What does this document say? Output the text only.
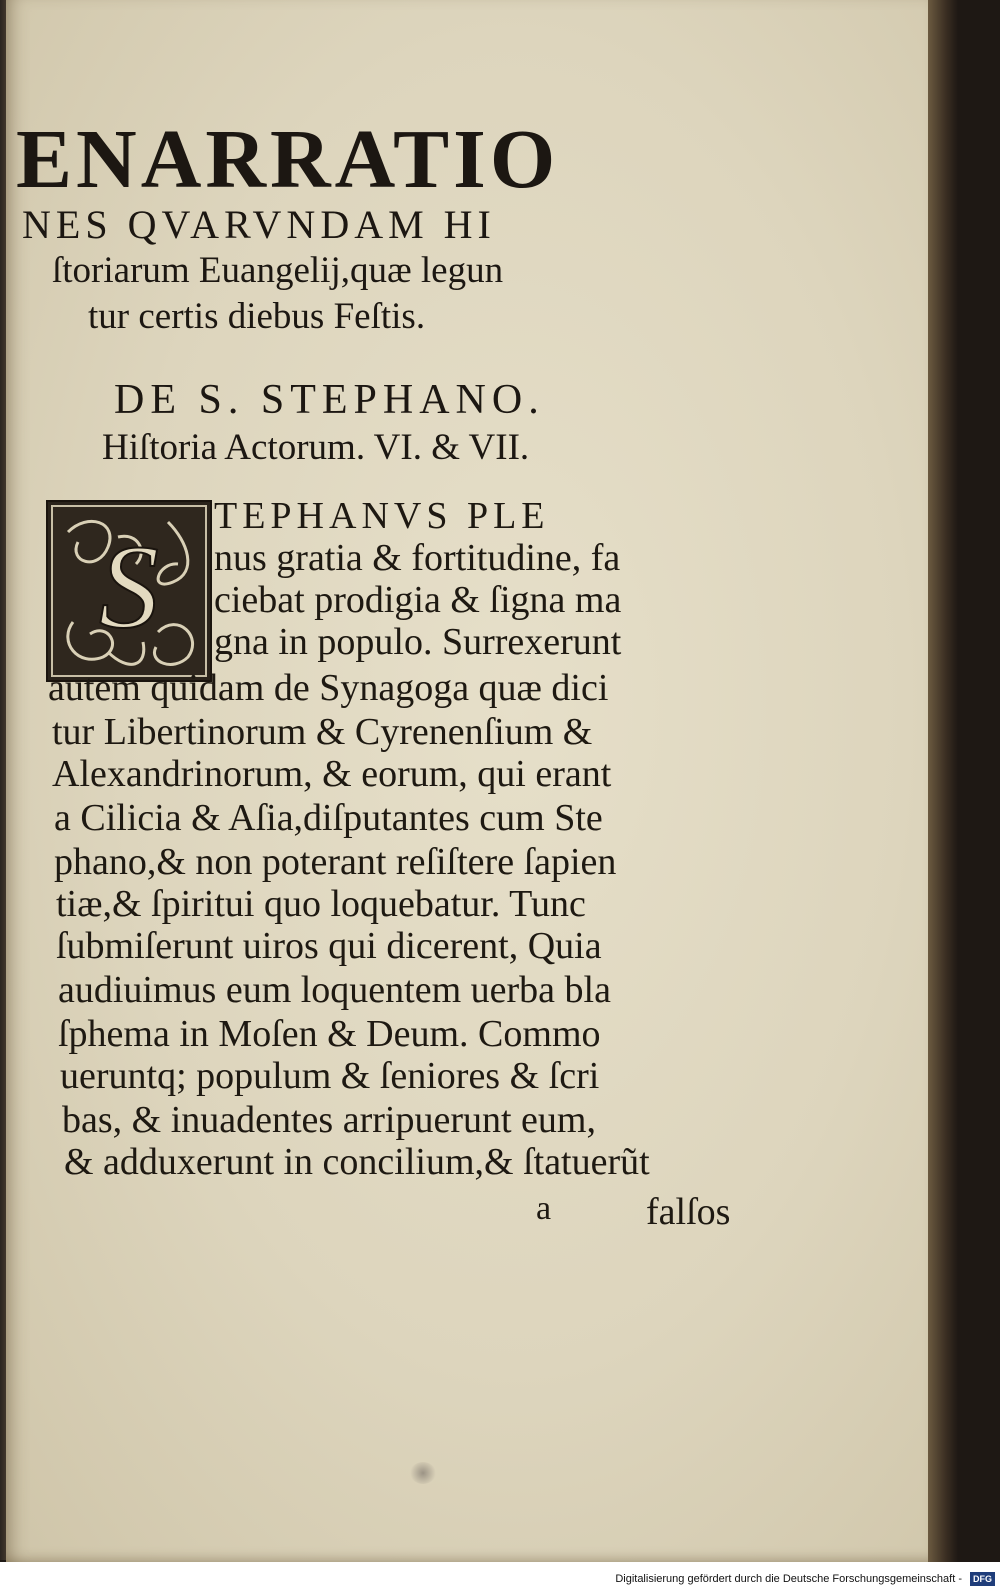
ENARRATIO

NES QVARVNDAM HI

ſtoriarum Euangelij,quæ legun

tur certis diebus Feſtis.

DE S. STEPHANO.

Hiſtoria Actorum. VI. & VII.

S

TEPHANVS PLE

nus gratia & fortitudine, fa

ciebat prodigia & ſigna ma

gna in populo. Surrexerunt

autem quidam de Synagoga quæ dici

tur Libertinorum & Cyrenenſium &

Alexandrinorum, & eorum, qui erant

a Cilicia & Aſia,diſputantes cum Ste

phano,& non poterant reſiſtere ſapien

tiæ,& ſpiritui quo loquebatur. Tunc

ſubmiſerunt uiros qui dicerent, Quia

audiuimus eum loquentem uerba bla

ſphema in Moſen & Deum. Commo

ueruntq; populum & ſeniores & ſcri

bas, & inuadentes arripuerunt eum,

& adduxerunt in concilium,& ſtatuerũt

a falſos

Digitalisierung gefördert durch die Deutsche Forschungsgemeinschaft -	DFG
